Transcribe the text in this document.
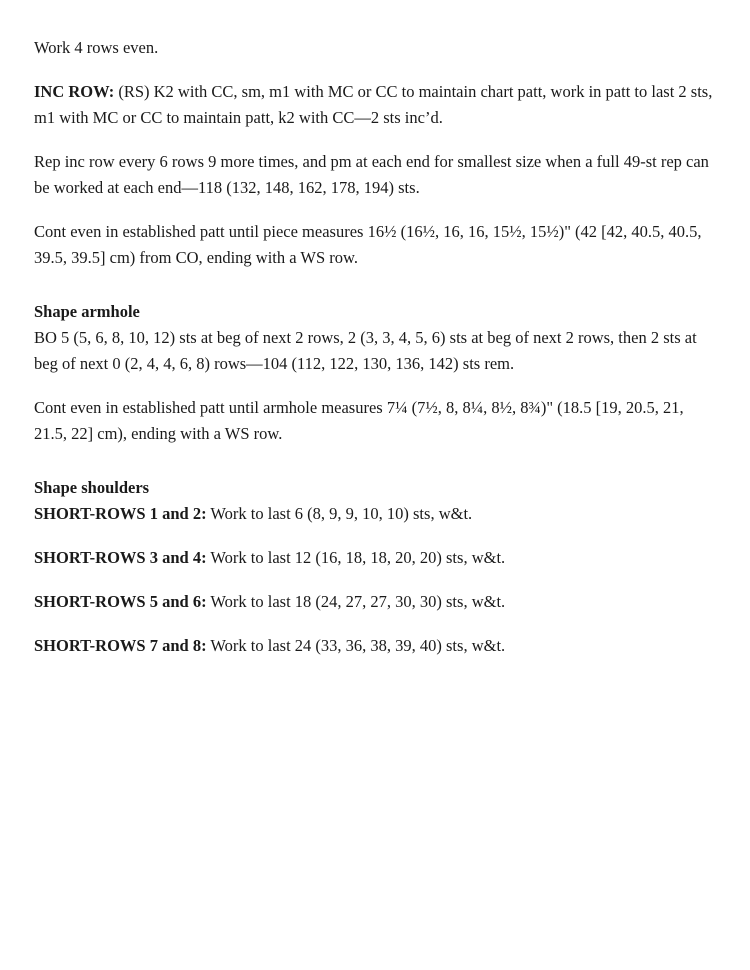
Work 4 rows even.

INC ROW: (RS) K2 with CC, sm, m1 with MC or CC to maintain chart patt, work in patt to last 2 sts, m1 with MC or CC to maintain patt, k2 with CC—2 sts inc’d.

Rep inc row every 6 rows 9 more times, and pm at each end for smallest size when a full 49-st rep can be worked at each end—118 (132, 148, 162, 178, 194) sts.

Cont even in established patt until piece measures 16½ (16½, 16, 16, 15½, 15½)" (42 [42, 40.5, 40.5, 39.5, 39.5] cm) from CO, ending with a WS row.

Shape armhole

BO 5 (5, 6, 8, 10, 12) sts at beg of next 2 rows, 2 (3, 3, 4, 5, 6) sts at beg of next 2 rows, then 2 sts at beg of next 0 (2, 4, 4, 6, 8) rows—104 (112, 122, 130, 136, 142) sts rem.

Cont even in established patt until armhole measures 7¼ (7½, 8, 8¼, 8½, 8¾)" (18.5 [19, 20.5, 21, 21.5, 22] cm), ending with a WS row.

Shape shoulders

SHORT-ROWS 1 and 2: Work to last 6 (8, 9, 9, 10, 10) sts, w&t.

SHORT-ROWS 3 and 4: Work to last 12 (16, 18, 18, 20, 20) sts, w&t.

SHORT-ROWS 5 and 6: Work to last 18 (24, 27, 27, 30, 30) sts, w&t.

SHORT-ROWS 7 and 8: Work to last 24 (33, 36, 38, 39, 40) sts, w&t.
